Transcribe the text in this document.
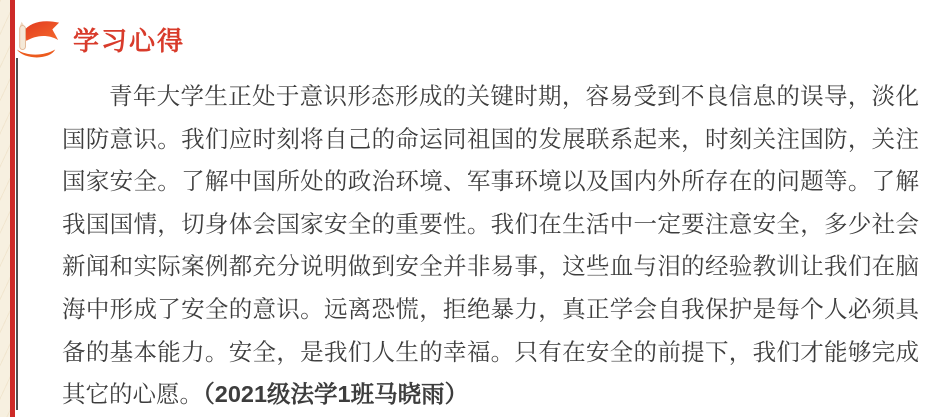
学习心得

青年大学生正处于意识形态形成的关键时期，容易受到不良信息的误导，淡化国防意识。我们应时刻将自己的命运同祖国的发展联系起来，时刻关注国防，关注国家安全。了解中国所处的政治环境、军事环境以及国内外所存在的问题等。了解我国国情，切身体会国家安全的重要性。我们在生活中一定要注意安全，多少社会新闻和实际案例都充分说明做到安全并非易事，这些血与泪的经验教训让我们在脑海中形成了安全的意识。远离恐慌，拒绝暴力，真正学会自我保护是每个人必须具备的基本能力。安全，是我们人生的幸福。只有在安全的前提下，我们才能够完成其它的心愿。（2021级法学1班马晓雨）
